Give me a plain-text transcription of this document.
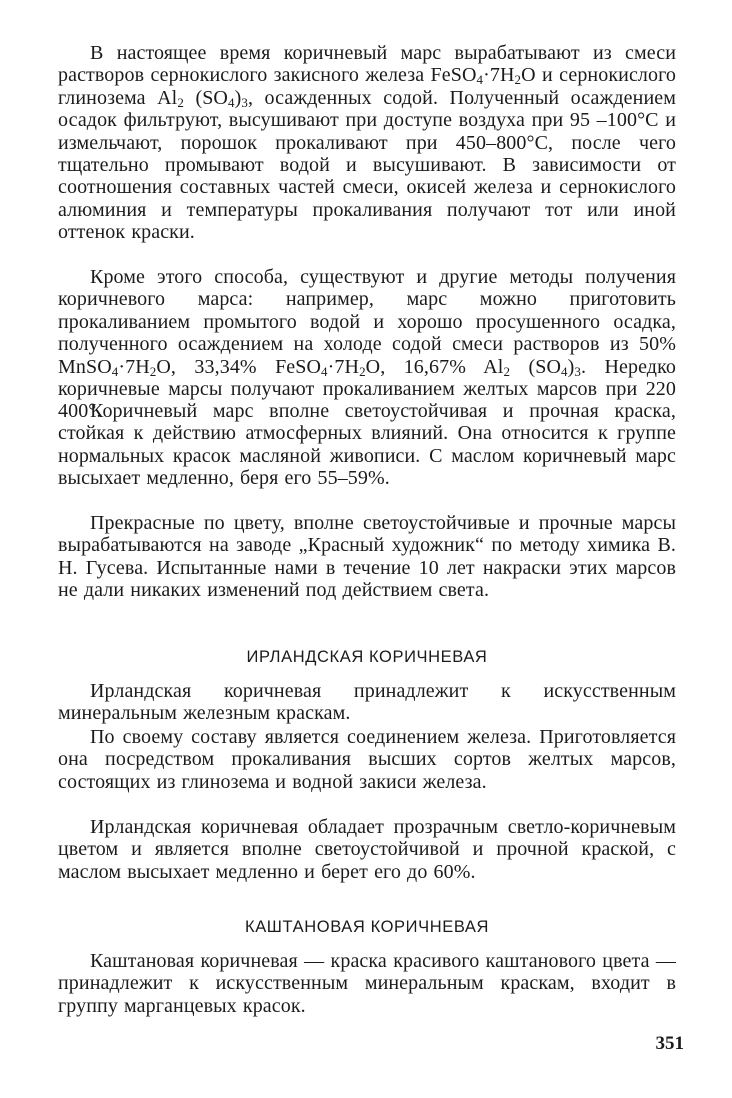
В настоящее время коричневый марс вырабатывают из смеси растворов сернокислого закисного железа $FeSO_4\cdot 7H_2O$ и сернокислого глинозема $Al_2$ $(SO_4)_3$, осажденных содой. Полученный осаждением осадок фильтруют, высушивают при доступе воздуха при 95 –100°C и измельчают, порошок прокаливают при 450–800°C, после чего тщательно промывают водой и высушивают. В зависимости от соотношения составных частей смеси, окисей железа и сернокислого алюминия и температуры прокаливания получают тот или иной оттенок краски.

Кроме этого способа, существуют и другие методы получения коричневого марса: например, марс можно приготовить прокаливанием промытого водой и хорошо просушенного осадка, полученного осаждением на холоде содой смеси растворов из 50% $MnSO_4\cdot 7H_2O$, 33,34% $FeSO_4\cdot 7H_2O$, 16,67% $Al_2$ $(SO_4)_3$. Нередко коричневые марсы получают прокаливанием желтых марсов при 220 400°.

Коричневый марс вполне светоустойчивая и прочная краска, стойкая к действию атмосферных влияний. Она относится к группе нормальных красок масляной живописи. С маслом коричневый марс высыхает медленно, беря его 55–59%.

Прекрасные по цвету, вполне светоустойчивые и прочные марсы вырабатываются на заводе „Красный художник“ по методу химика В. Н. Гусева. Испытанные нами в течение 10 лет накраски этих марсов не дали никаких изменений под действием света.

ИРЛАНДСКАЯ КОРИЧНЕВАЯ

Ирландская коричневая принадлежит к искусственным минеральным железным краскам.

По своему составу является соединением железа. Приготовляется она посредством прокаливания высших сортов желтых марсов, состоящих из глинозема и водной закиси железа.

Ирландская коричневая обладает прозрачным светло-коричневым цветом и является вполне светоустойчивой и прочной краской, с маслом высыхает медленно и берет его до 60%.

КАШТАНОВАЯ КОРИЧНЕВАЯ

Каштановая коричневая — краска красивого каштанового цвета — принадлежит к искусственным минеральным краскам, входит в группу марганцевых красок.

351
